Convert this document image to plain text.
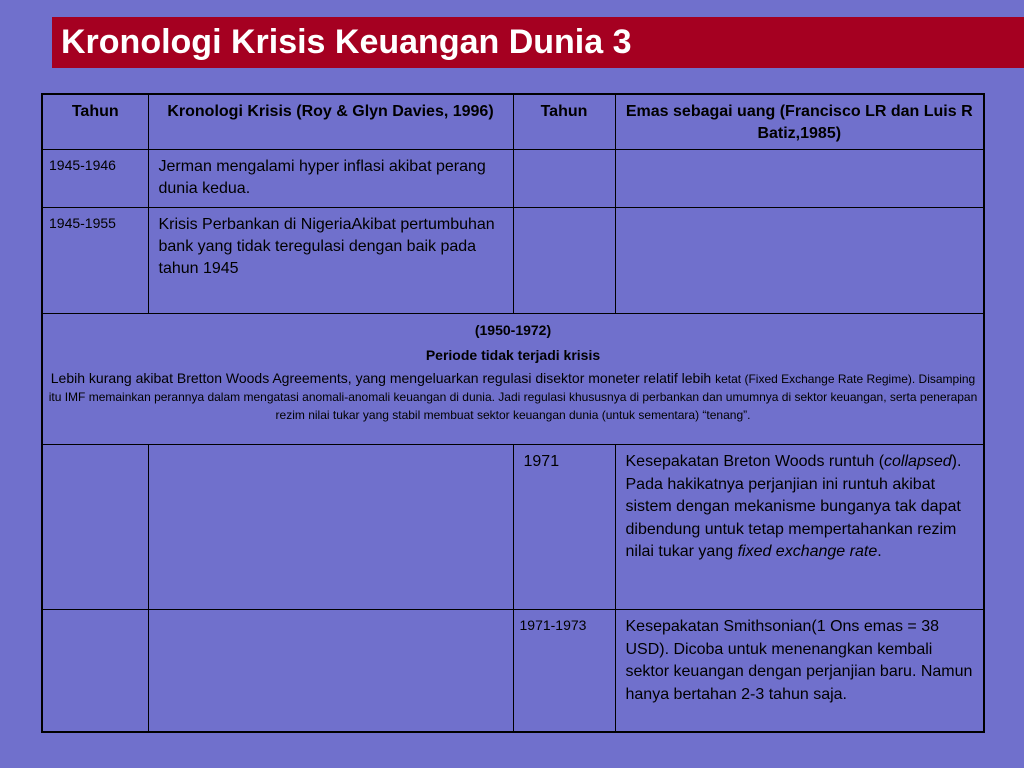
Kronologi Krisis Keuangan Dunia 3
Tahun	Kronologi Krisis (Roy & Glyn Davies, 1996)	Tahun	Emas sebagai uang (Francisco LR dan Luis R Batiz,1985)
1945-1946	Jerman mengalami hyper inflasi akibat perang dunia kedua.		
1945-1955	Krisis Perbankan di NigeriaAkibat pertumbuhan bank yang tidak teregulasi dengan baik pada tahun 1945		

(1950-1972)
Periode tidak terjadi krisis
Lebih kurang akibat Bretton Woods Agreements, yang mengeluarkan regulasi disektor moneter relatif lebih ketat (Fixed Exchange Rate Regime). Disamping itu IMF memainkan perannya dalam mengatasi anomali-anomali keuangan di dunia. Jadi regulasi khususnya di perbankan dan umumnya di sektor keuangan, serta penerapan rezim nilai tukar yang stabil membuat sektor keuangan dunia (untuk sementara) “tenang”.			

		1971	Kesepakatan Breton Woods runtuh (collapsed). Pada hakikatnya perjanjian ini runtuh akibat sistem dengan mekanisme bunganya tak dapat dibendung untuk tetap mempertahankan rezim nilai tukar yang fixed exchange rate.
		1971-1973	Kesepakatan Smithsonian(1 Ons emas = 38 USD). Dicoba untuk menenangkan kembali sektor keuangan dengan perjanjian baru. Namun hanya bertahan 2-3 tahun saja.
